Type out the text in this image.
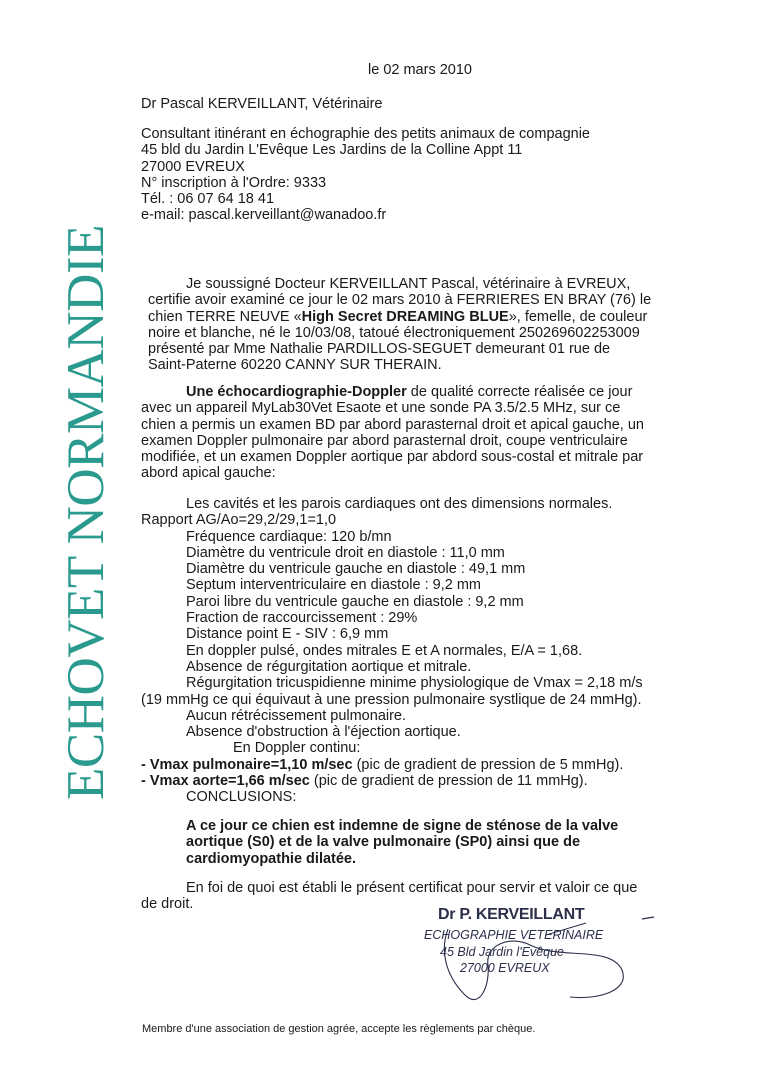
ECHOVET NORMANDIE
le 02 mars 2010
Dr Pascal KERVEILLANT, Vétérinaire
Consultant itinérant en échographie des petits animaux de compagnie
45 bld du Jardin L'Evêque Les Jardins de la Colline Appt 11
27000 EVREUX
N° inscription à l'Ordre: 9333
Tél. : 06 07 64 18 41
e-mail: pascal.kerveillant@wanadoo.fr
Je soussigné Docteur KERVEILLANT Pascal, vétérinaire à EVREUX,
certifie avoir examiné ce jour le 02 mars 2010 à FERRIERES EN BRAY (76) le
chien TERRE NEUVE «High Secret DREAMING BLUE», femelle, de couleur
noire et blanche, né le 10/03/08, tatoué électroniquement 250269602253009
présenté par Mme Nathalie PARDILLOS-SEGUET demeurant 01 rue de
Saint-Paterne 60220 CANNY SUR THERAIN.
Une échocardiographie-Doppler de qualité correcte réalisée ce jour
avec un appareil MyLab30Vet Esaote et une sonde PA 3.5/2.5 MHz, sur ce
chien a permis un examen BD par abord parasternal droit et apical gauche, un
examen Doppler pulmonaire par abord parasternal droit, coupe ventriculaire
modifiée, et un examen Doppler aortique par abdord sous-costal et mitrale par
abord apical gauche:
Les cavités et les parois cardiaques ont des dimensions normales.
Rapport AG/Ao=29,2/29,1=1,0
Fréquence cardiaque: 120 b/mn
Diamètre du ventricule droit en diastole : 11,0 mm
Diamètre du ventricule gauche en diastole : 49,1 mm
Septum interventriculaire en diastole : 9,2 mm
Paroi libre du ventricule gauche en diastole : 9,2 mm
Fraction de raccourcissement : 29%
Distance point E - SIV : 6,9 mm
En doppler pulsé, ondes mitrales E et A normales, E/A = 1,68.
Absence de régurgitation aortique et mitrale.
Régurgitation tricuspidienne minime physiologique de Vmax = 2,18 m/s
(19 mmHg ce qui équivaut à une pression pulmonaire systlique de 24 mmHg).
Aucun rétrécissement pulmonaire.
Absence d'obstruction à l'éjection aortique.
En Doppler continu:
- Vmax pulmonaire=1,10 m/sec (pic de gradient de pression de 5 mmHg).
- Vmax aorte=1,66 m/sec (pic de gradient de pression de 11 mmHg).
CONCLUSIONS:
A ce jour ce chien est indemne de signe de sténose de la valve
aortique (S0) et de la valve pulmonaire (SP0) ainsi que de
cardiomyopathie dilatée.
En foi de quoi est établi le présent certificat pour servir et valoir ce que
de droit.
Dr P. KERVEILLANT
ECHOGRAPHIE VETERINAIRE
45 Bld Jardin l'Evêque
27000 EVREUX
Membre d'une association de gestion agrée, accepte les règlements par chèque.
